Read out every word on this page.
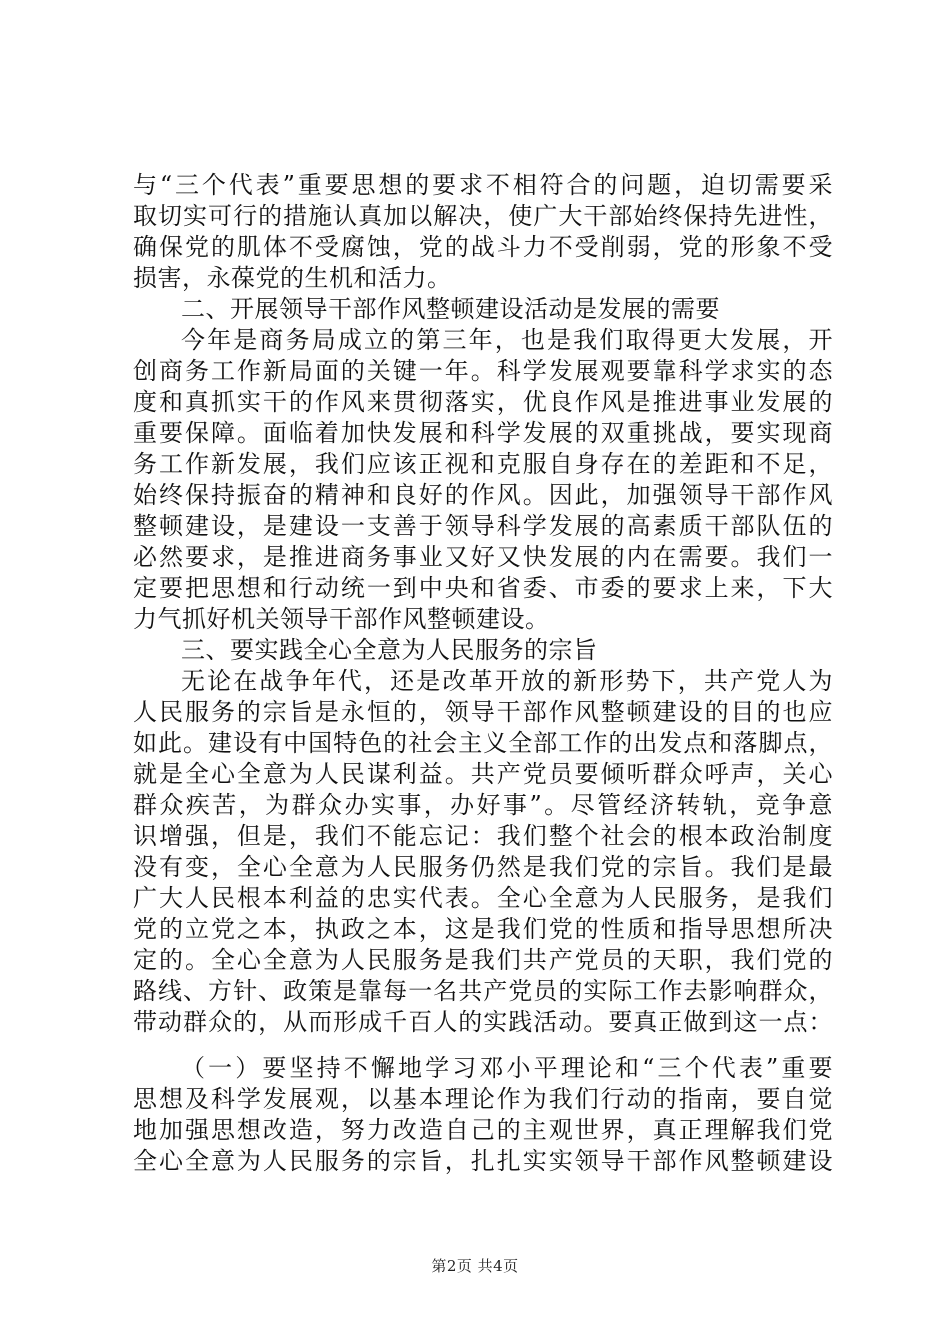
与“三个代表”重要思想的要求不相符合的问题，迫切需要采
取切实可行的措施认真加以解决，使广大干部始终保持先进性，
确保党的肌体不受腐蚀，党的战斗力不受削弱，党的形象不受
损害，永葆党的生机和活力。
二、开展领导干部作风整顿建设活动是发展的需要
今年是商务局成立的第三年，也是我们取得更大发展，开
创商务工作新局面的关键一年。科学发展观要靠科学求实的态
度和真抓实干的作风来贯彻落实，优良作风是推进事业发展的
重要保障。面临着加快发展和科学发展的双重挑战，要实现商
务工作新发展，我们应该正视和克服自身存在的差距和不足，
始终保持振奋的精神和良好的作风。因此，加强领导干部作风
整顿建设，是建设一支善于领导科学发展的高素质干部队伍的
必然要求，是推进商务事业又好又快发展的内在需要。我们一
定要把思想和行动统一到中央和省委、市委的要求上来，下大
力气抓好机关领导干部作风整顿建设。
三、要实践全心全意为人民服务的宗旨
无论在战争年代，还是改革开放的新形势下，共产党人为
人民服务的宗旨是永恒的，领导干部作风整顿建设的目的也应
如此。建设有中国特色的社会主义全部工作的出发点和落脚点，
就是全心全意为人民谋利益。共产党员要倾听群众呼声，关心
群众疾苦，为群众办实事，办好事”。尽管经济转轨，竞争意
识增强，但是，我们不能忘记：我们整个社会的根本政治制度
没有变，全心全意为人民服务仍然是我们党的宗旨。我们是最
广大人民根本利益的忠实代表。全心全意为人民服务，是我们
党的立党之本，执政之本，这是我们党的性质和指导思想所决
定的。全心全意为人民服务是我们共产党员的天职，我们党的
路线、方针、政策是靠每一名共产党员的实际工作去影响群众，
带动群众的，从而形成千百人的实践活动。要真正做到这一点：
（一）要坚持不懈地学习邓小平理论和“三个代表”重要
思想及科学发展观，以基本理论作为我们行动的指南，要自觉
地加强思想改造，努力改造自己的主观世界，真正理解我们党
全心全意为人民服务的宗旨，扎扎实实领导干部作风整顿建设
第2页 共4页
